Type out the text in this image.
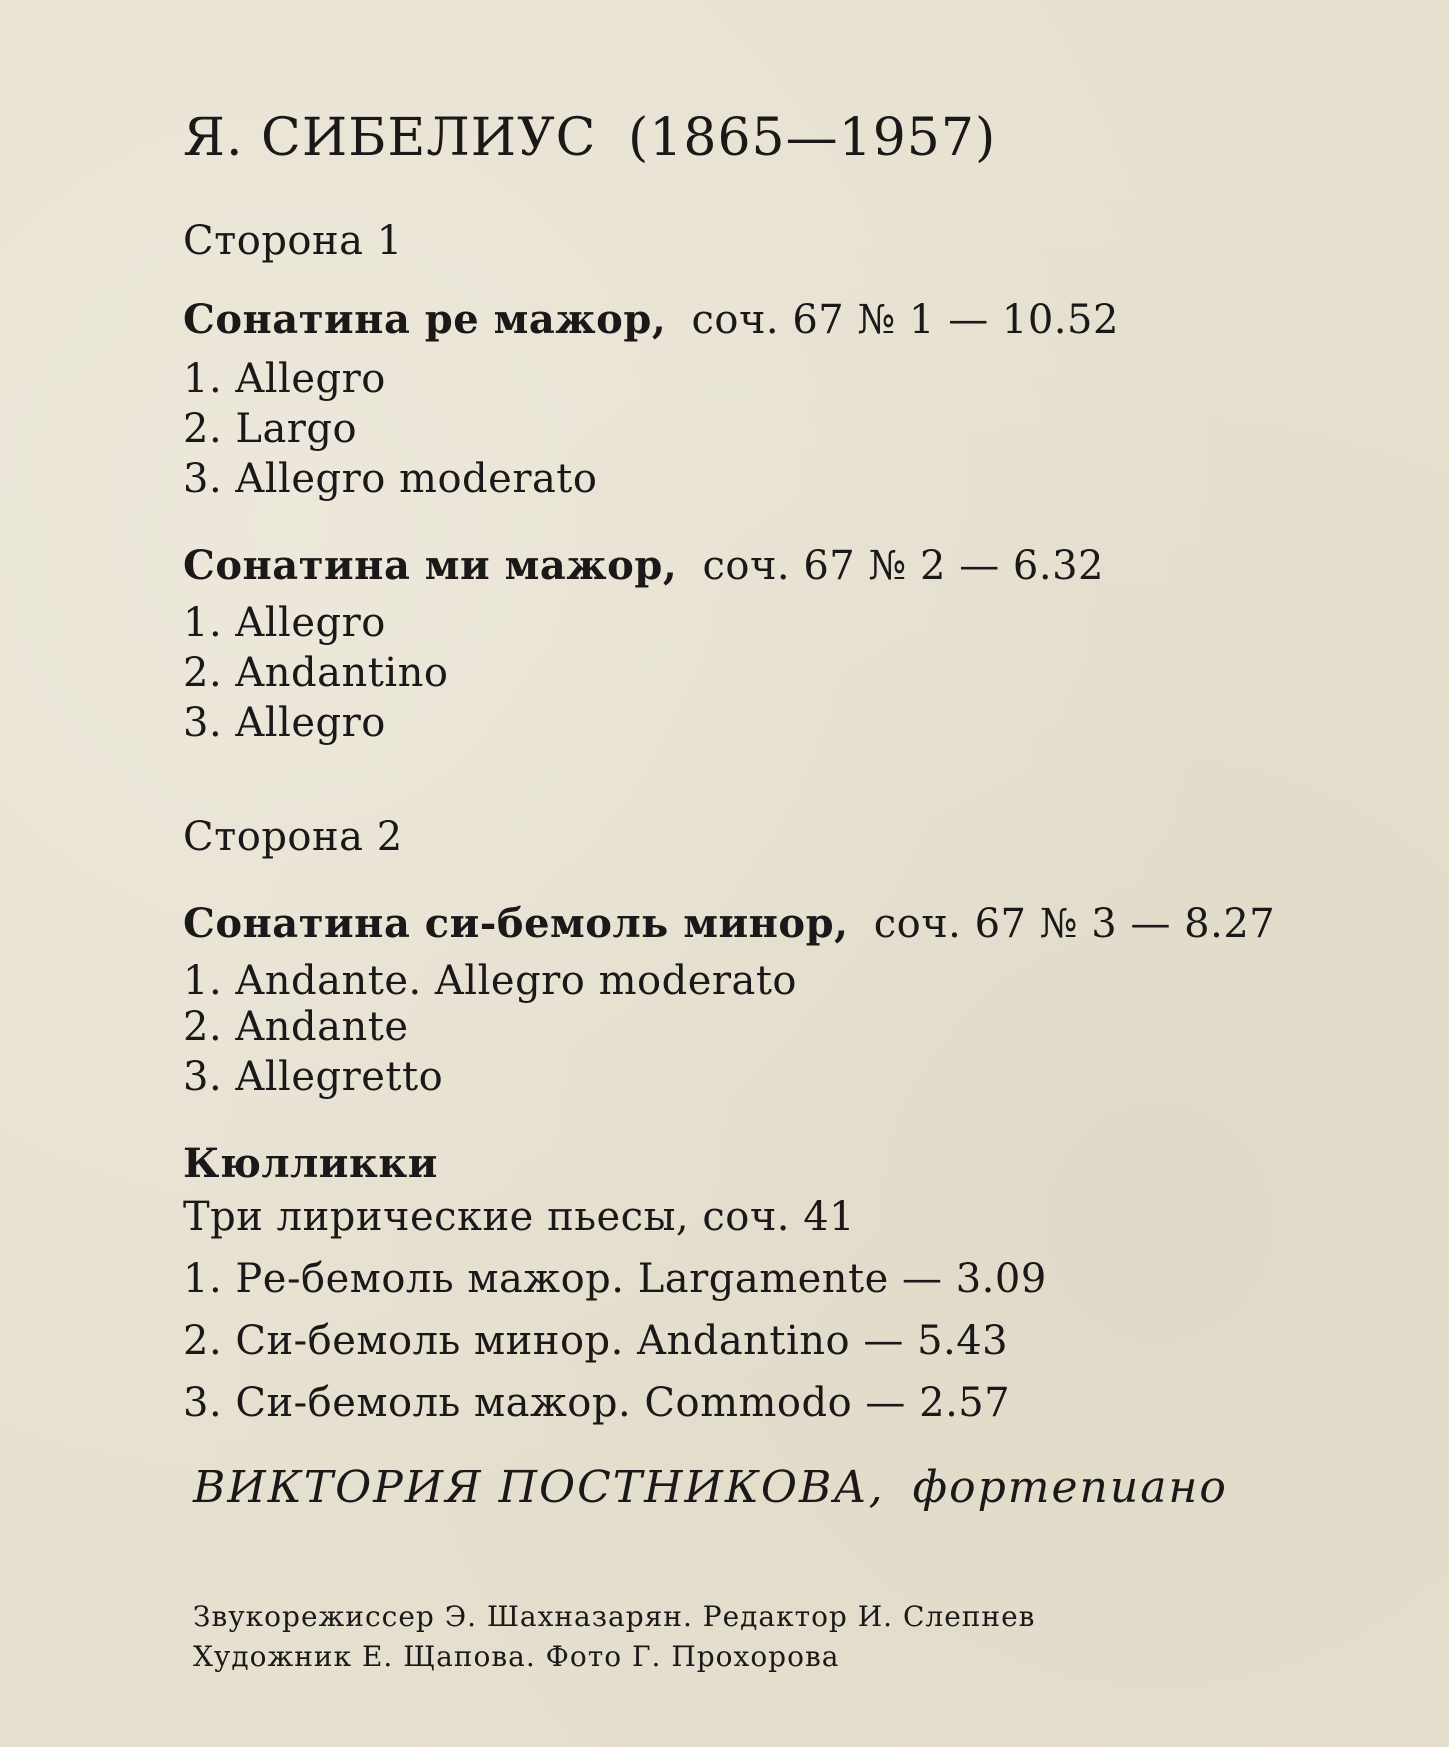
Я. СИБЕЛИУС (1865—1957)
Сторона 1
Сонатина ре мажор, соч. 67 № 1 — 10.52
1. Allegro
2. Largo
3. Allegro moderato
Сонатина ми мажор, соч. 67 № 2 — 6.32
1. Allegro
2. Andantino
3. Allegro
Сторона 2
Сонатина си-бемоль минор, соч. 67 № 3 — 8.27
1. Andante. Allegro moderato
2. Andante
3. Allegretto
Кюлликки
Три лирические пьесы, соч. 41
1. Ре-бемоль мажор. Largamente — 3.09
2. Си-бемоль минор. Andantino — 5.43
3. Си-бемоль мажор. Commodo — 2.57
ВИКТОРИЯ ПОСТНИКОВА, фортепиано
Звукорежиссер Э. Шахназарян. Редактор И. Слепнев
Художник Е. Щапова. Фото Г. Прохорова
